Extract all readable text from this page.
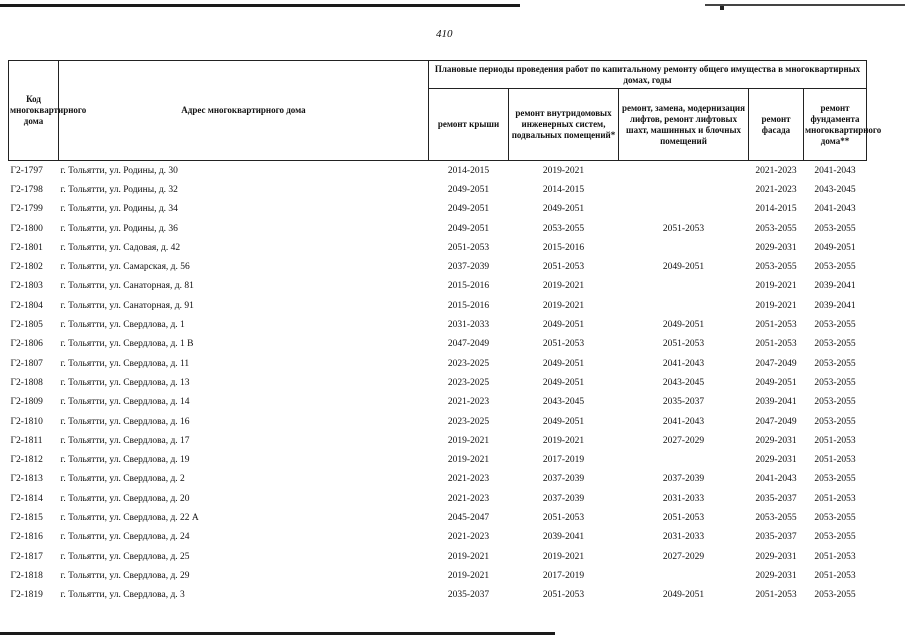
410
Код многоквартирного дома	Адрес многоквартирного дома	Плановые периоды проведения работ по капитальному ремонту общего имущества в многоквартирных домах, годы				
		ремонт крыши	ремонт внутридомовых инженерных систем, подвальных помещений*	ремонт, замена, модернизация лифтов, ремонт лифтовых шахт, машинных и блочных помещений	ремонт фасада	ремонт фундамента многоквартирного дома**
Г2-1797	г. Тольятти, ул. Родины, д. 30	2014-2015	2019-2021		2021-2023	2041-2043
Г2-1798	г. Тольятти, ул. Родины, д. 32	2049-2051	2014-2015		2021-2023	2043-2045
Г2-1799	г. Тольятти, ул. Родины, д. 34	2049-2051	2049-2051		2014-2015	2041-2043
Г2-1800	г. Тольятти, ул. Родины, д. 36	2049-2051	2053-2055	2051-2053	2053-2055	2053-2055
Г2-1801	г. Тольятти, ул. Садовая, д. 42	2051-2053	2015-2016		2029-2031	2049-2051
Г2-1802	г. Тольятти, ул. Самарская, д. 56	2037-2039	2051-2053	2049-2051	2053-2055	2053-2055
Г2-1803	г. Тольятти, ул. Санаторная, д. 81	2015-2016	2019-2021		2019-2021	2039-2041
Г2-1804	г. Тольятти, ул. Санаторная, д. 91	2015-2016	2019-2021		2019-2021	2039-2041
Г2-1805	г. Тольятти, ул. Свердлова, д. 1	2031-2033	2049-2051	2049-2051	2051-2053	2053-2055
Г2-1806	г. Тольятти, ул. Свердлова, д. 1 В	2047-2049	2051-2053	2051-2053	2051-2053	2053-2055
Г2-1807	г. Тольятти, ул. Свердлова, д. 11	2023-2025	2049-2051	2041-2043	2047-2049	2053-2055
Г2-1808	г. Тольятти, ул. Свердлова, д. 13	2023-2025	2049-2051	2043-2045	2049-2051	2053-2055
Г2-1809	г. Тольятти, ул. Свердлова, д. 14	2021-2023	2043-2045	2035-2037	2039-2041	2053-2055
Г2-1810	г. Тольятти, ул. Свердлова, д. 16	2023-2025	2049-2051	2041-2043	2047-2049	2053-2055
Г2-1811	г. Тольятти, ул. Свердлова, д. 17	2019-2021	2019-2021	2027-2029	2029-2031	2051-2053
Г2-1812	г. Тольятти, ул. Свердлова, д. 19	2019-2021	2017-2019		2029-2031	2051-2053
Г2-1813	г. Тольятти, ул. Свердлова, д. 2	2021-2023	2037-2039	2037-2039	2041-2043	2053-2055
Г2-1814	г. Тольятти, ул. Свердлова, д. 20	2021-2023	2037-2039	2031-2033	2035-2037	2051-2053
Г2-1815	г. Тольятти, ул. Свердлова, д. 22 А	2045-2047	2051-2053	2051-2053	2053-2055	2053-2055
Г2-1816	г. Тольятти, ул. Свердлова, д. 24	2021-2023	2039-2041	2031-2033	2035-2037	2053-2055
Г2-1817	г. Тольятти, ул. Свердлова, д. 25	2019-2021	2019-2021	2027-2029	2029-2031	2051-2053
Г2-1818	г. Тольятти, ул. Свердлова, д. 29	2019-2021	2017-2019		2029-2031	2051-2053
Г2-1819	г. Тольятти, ул. Свердлова, д. 3	2035-2037	2051-2053	2049-2051	2051-2053	2053-2055
